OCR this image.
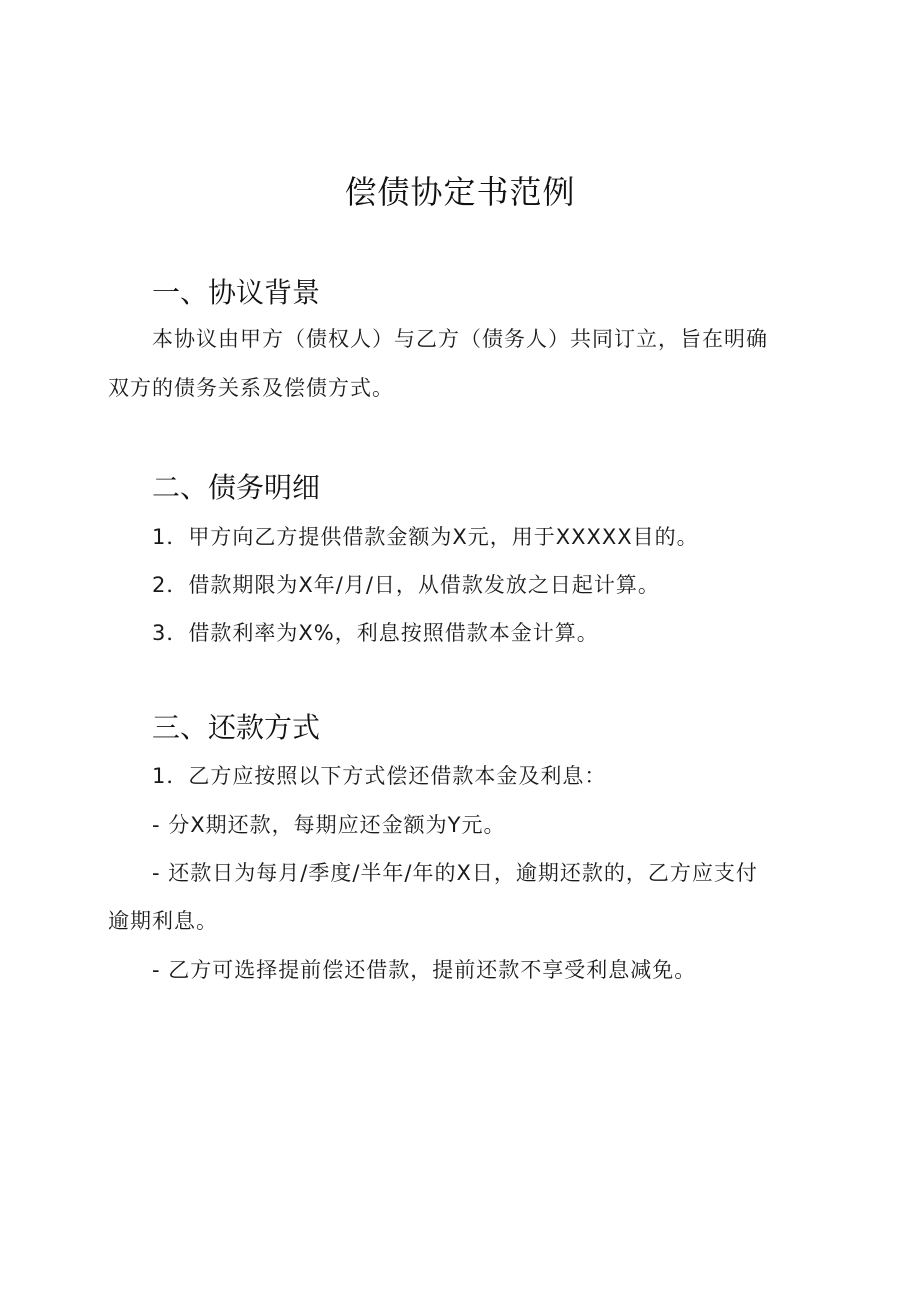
偿债协定书范例
一、协议背景
本协议由甲方（债权人）与乙方（债务人）共同订立，旨在明确
双方的债务关系及偿债方式。
二、债务明细
1．甲方向乙方提供借款金额为X元，用于XXXXX目的。
2．借款期限为X年/月/日，从借款发放之日起计算。
3．借款利率为X%，利息按照借款本金计算。
三、还款方式
1．乙方应按照以下方式偿还借款本金及利息：
- 分X期还款，每期应还金额为Y元。
- 还款日为每月/季度/半年/年的X日，逾期还款的，乙方应支付
逾期利息。
- 乙方可选择提前偿还借款，提前还款不享受利息减免。
